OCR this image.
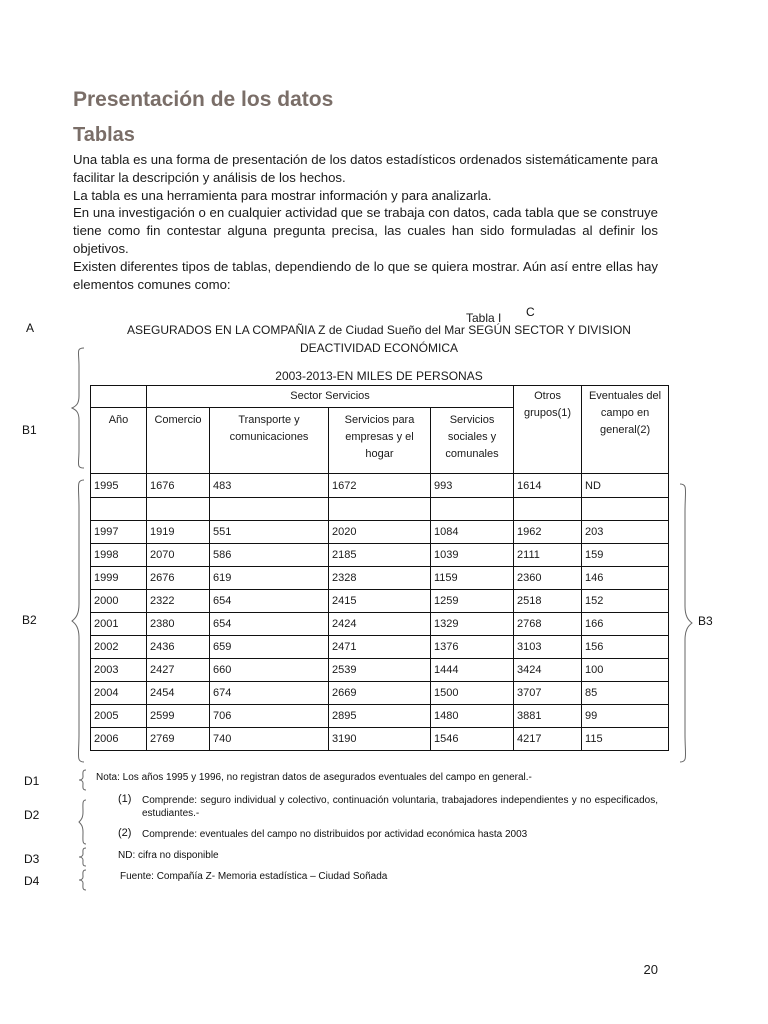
Presentación de los datos
Tablas

Una tabla es una forma de presentación de los datos estadísticos ordenados sistemáticamente para facilitar la descripción y análisis de los hechos.

La tabla es una herramienta para mostrar información y para analizarla.

En una investigación o en cualquier actividad que se trabaja con datos, cada tabla que se construye tiene como fin contestar alguna pregunta precisa, las cuales han sido formuladas al definir los objetivos.

Existen diferentes tipos de tablas, dependiendo de lo que se quiera mostrar. Aún así entre ellas hay elementos comunes como:

A
C
B1
B2	B3
D1
D2
D3
D4
Tabla I
ASEGURADOS EN LA COMPAÑIA Z de Ciudad Sueño del Mar SEGÚN SECTOR Y DIVISION
DEACTIVIDAD ECONÓMICA
2003-2013-EN MILES DE PERSONAS
	Sector Servicios				Otros grupos(1)	Eventuales del campo en general(2)
Año	Comercio	Transporte y comunicaciones	Servicios para empresas y el hogar	Servicios sociales y comunales		
1995	1676	483	1672	993	1614	ND

1997	1919	551	2020	1084	1962	203
1998	2070	586	2185	1039	2111	159
1999	2676	619	2328	1159	2360	146
2000	2322	654	2415	1259	2518	152
2001	2380	654	2424	1329	2768	166
2002	2436	659	2471	1376	3103	156
2003	2427	660	2539	1444	3424	100
2004	2454	674	2669	1500	3707	85
2005	2599	706	2895	1480	3881	99
2006	2769	740	3190	1546	4217	115
Nota: Los años 1995 y 1996, no registran datos de asegurados eventuales del campo en general.-
(1) Comprende: seguro individual y colectivo, continuación voluntaria, trabajadores independientes y no especificados, estudiantes.-
(2) Comprende: eventuales del campo no distribuidos por actividad económica hasta 2003
ND: cifra no disponible
Fuente: Compañía Z- Memoria estadística – Ciudad Soñada
20
